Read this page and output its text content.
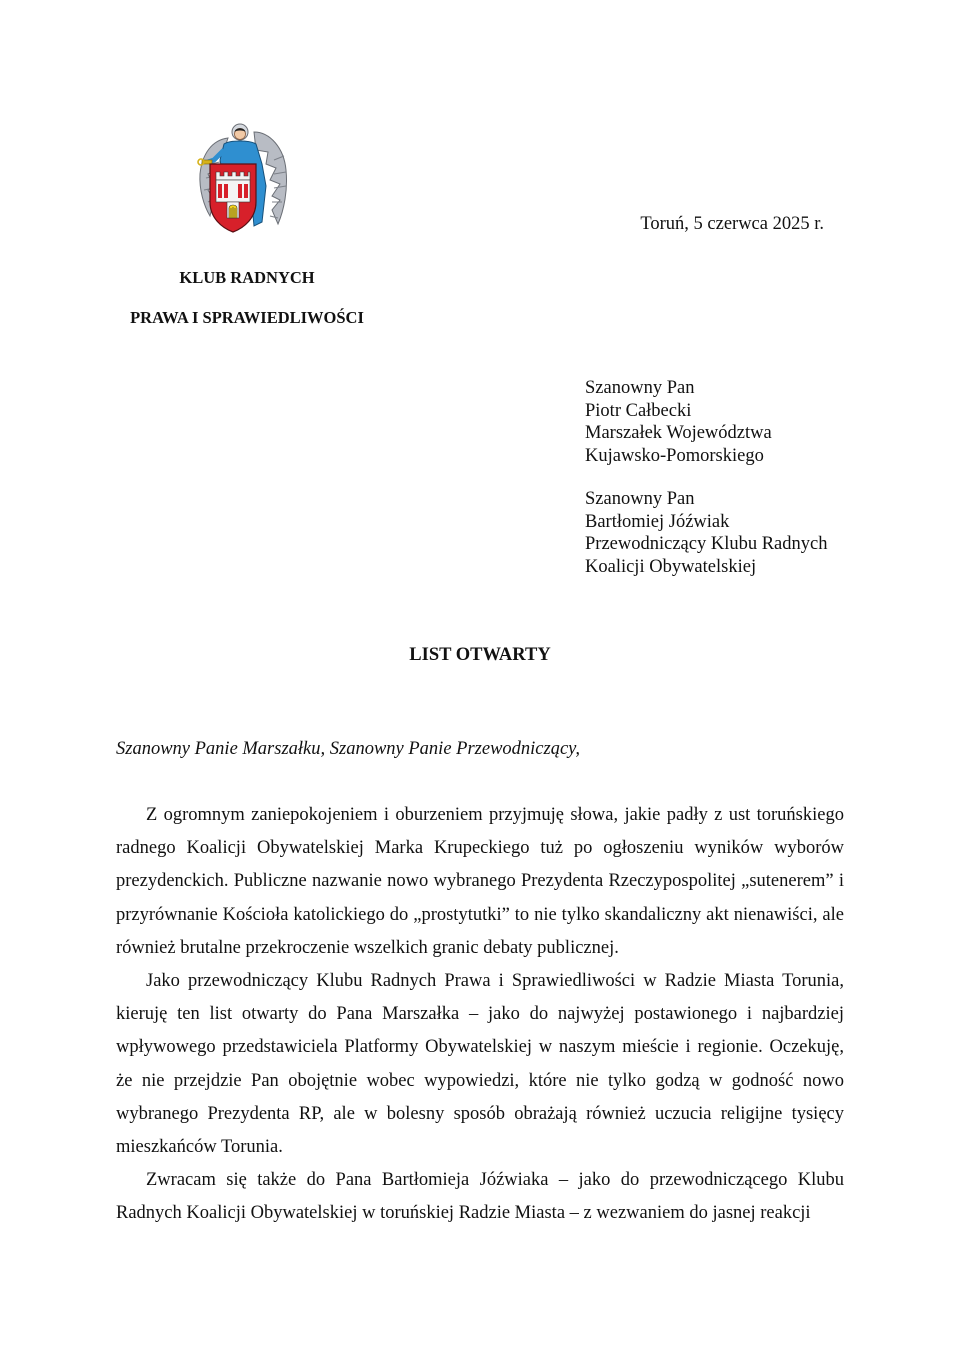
Toruń, 5 czerwca 2025 r.
KLUB RADNYCH
PRAWA I SPRAWIEDLIWOŚCI
Szanowny Pan
Piotr Całbecki
Marszałek Województwa
Kujawsko-Pomorskiego
Szanowny Pan
Bartłomiej Jóźwiak
Przewodniczący Klubu Radnych
Koalicji Obywatelskiej
LIST OTWARTY
Szanowny Panie Marszałku, Szanowny Panie Przewodniczący,

Z ogromnym zaniepokojeniem i oburzeniem przyjmuję słowa, jakie padły z ust toruńskiego radnego Koalicji Obywatelskiej Marka Krupeckiego tuż po ogłoszeniu wyników wyborów prezydenckich. Publiczne nazwanie nowo wybranego Prezydenta Rzeczypospolitej „sutenerem” i przyrównanie Kościoła katolickiego do „prostytutki” to nie tylko skandaliczny akt nienawiści, ale również brutalne przekroczenie wszelkich granic debaty publicznej.

Jako przewodniczący Klubu Radnych Prawa i Sprawiedliwości w Radzie Miasta Torunia, kieruję ten list otwarty do Pana Marszałka – jako do najwyżej postawionego i najbardziej wpływowego przedstawiciela Platformy Obywatelskiej w naszym mieście i regionie. Oczekuję, że nie przejdzie Pan obojętnie wobec wypowiedzi, które nie tylko godzą w godność nowo wybranego Prezydenta RP, ale w bolesny sposób obrażają również uczucia religijne tysięcy mieszkańców Torunia.

Zwracam się także do Pana Bartłomieja Jóźwiaka – jako do przewodniczącego Klubu Radnych Koalicji Obywatelskiej w toruńskiej Radzie Miasta – z wezwaniem do jasnej reakcji
